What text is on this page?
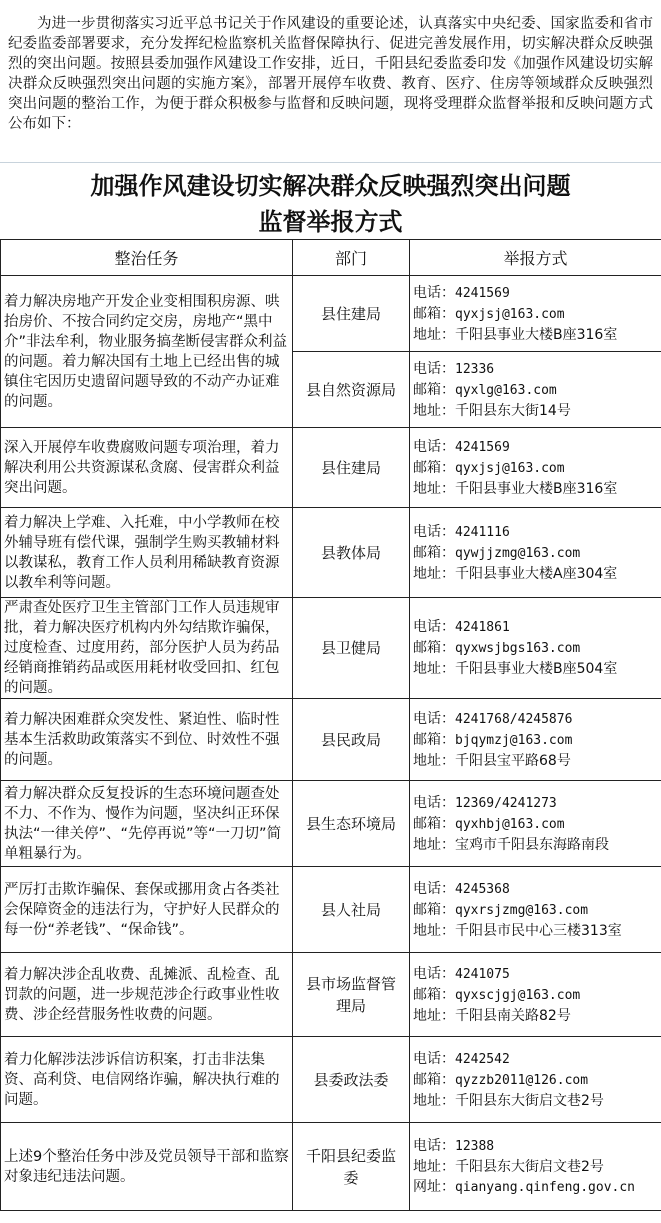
为进一步贯彻落实习近平总书记关于作风建设的重要论述，认真落实中央纪委、国家监委和省市纪委监委部署要求，充分发挥纪检监察机关监督保障执行、促进完善发展作用，切实解决群众反映强烈的突出问题。按照县委加强作风建设工作安排，近日，千阳县纪委监委印发《加强作风建设切实解决群众反映强烈突出问题的实施方案》，部署开展停车收费、教育、医疗、住房等领域群众反映强烈突出问题的整治工作，为便于群众积极参与监督和反映问题，现将受理群众监督举报和反映问题方式公布如下：
加强作风建设切实解决群众反映强烈突出问题
监督举报方式
整治任务	部门	举报方式
着力解决房地产开发企业变相围积房源、哄抬房价、不按合同约定交房，房地产“黑中介”非法牟利，物业服务搞垄断侵害群众利益的问题。着力解决国有土地上已经出售的城镇住宅因历史遗留问题导致的不动产办证难的问题。	县住建局	电话：4241569
邮箱：qyxjsj@163.com
地址：千阳县事业大楼B座316室

	县自然资源局	电话：12336
邮箱：qyxlg@163.com
地址：千阳县东大街14号

深入开展停车收费腐败问题专项治理，着力解决利用公共资源谋私贪腐、侵害群众利益突出问题。	县住建局	电话：4241569
邮箱：qyxjsj@163.com
地址：千阳县事业大楼B座316室

着力解决上学难、入托难，中小学教师在校外辅导班有偿代课，强制学生购买教辅材料以教谋私，教育工作人员利用稀缺教育资源以教牟利等问题。	县教体局	电话：4241116
邮箱：qywjjzmg@163.com
地址：千阳县事业大楼A座304室

严肃查处医疗卫生主管部门工作人员违规审批，着力解决医疗机构内外勾结欺诈骗保，过度检查、过度用药，部分医护人员为药品经销商推销药品或医用耗材收受回扣、红包的问题。	县卫健局	电话：4241861
邮箱：qyxwsjbgs163.com
地址：千阳县事业大楼B座504室

着力解决困难群众突发性、紧迫性、临时性基本生活救助政策落实不到位、时效性不强的问题。	县民政局	电话：4241768/4245876
邮箱：bjqymzj@163.com
地址：千阳县宝平路68号

着力解决群众反复投诉的生态环境问题查处不力、不作为、慢作为问题，坚决纠正环保执法“一律关停”、“先停再说”等“一刀切”简单粗暴行为。	县生态环境局	电话：12369/4241273
邮箱：qyxhbj@163.com
地址：宝鸡市千阳县东海路南段

严厉打击欺诈骗保、套保或挪用贪占各类社会保障资金的违法行为，守护好人民群众的每一份“养老钱”、“保命钱”。	县人社局	电话：4245368
邮箱：qyxrsjzmg@163.com
地址：千阳县市民中心三楼313室

着力解决涉企乱收费、乱摊派、乱检查、乱罚款的问题，进一步规范涉企行政事业性收费、涉企经营服务性收费的问题。	县市场监督管理局	电话：4241075
邮箱：qyxscjgj@163.com
地址：千阳县南关路82号

着力化解涉法涉诉信访积案，打击非法集资、高利贷、电信网络诈骗，解决执行难的问题。	县委政法委	电话：4242542
邮箱：qyzzb2011@126.com
地址：千阳县东大街启文巷2号

上述9个整治任务中涉及党员领导干部和监察对象违纪违法问题。	千阳县纪委监委	电话：12388
地址：千阳县东大街启文巷2号
网址：qianyang.qinfeng.gov.cn
